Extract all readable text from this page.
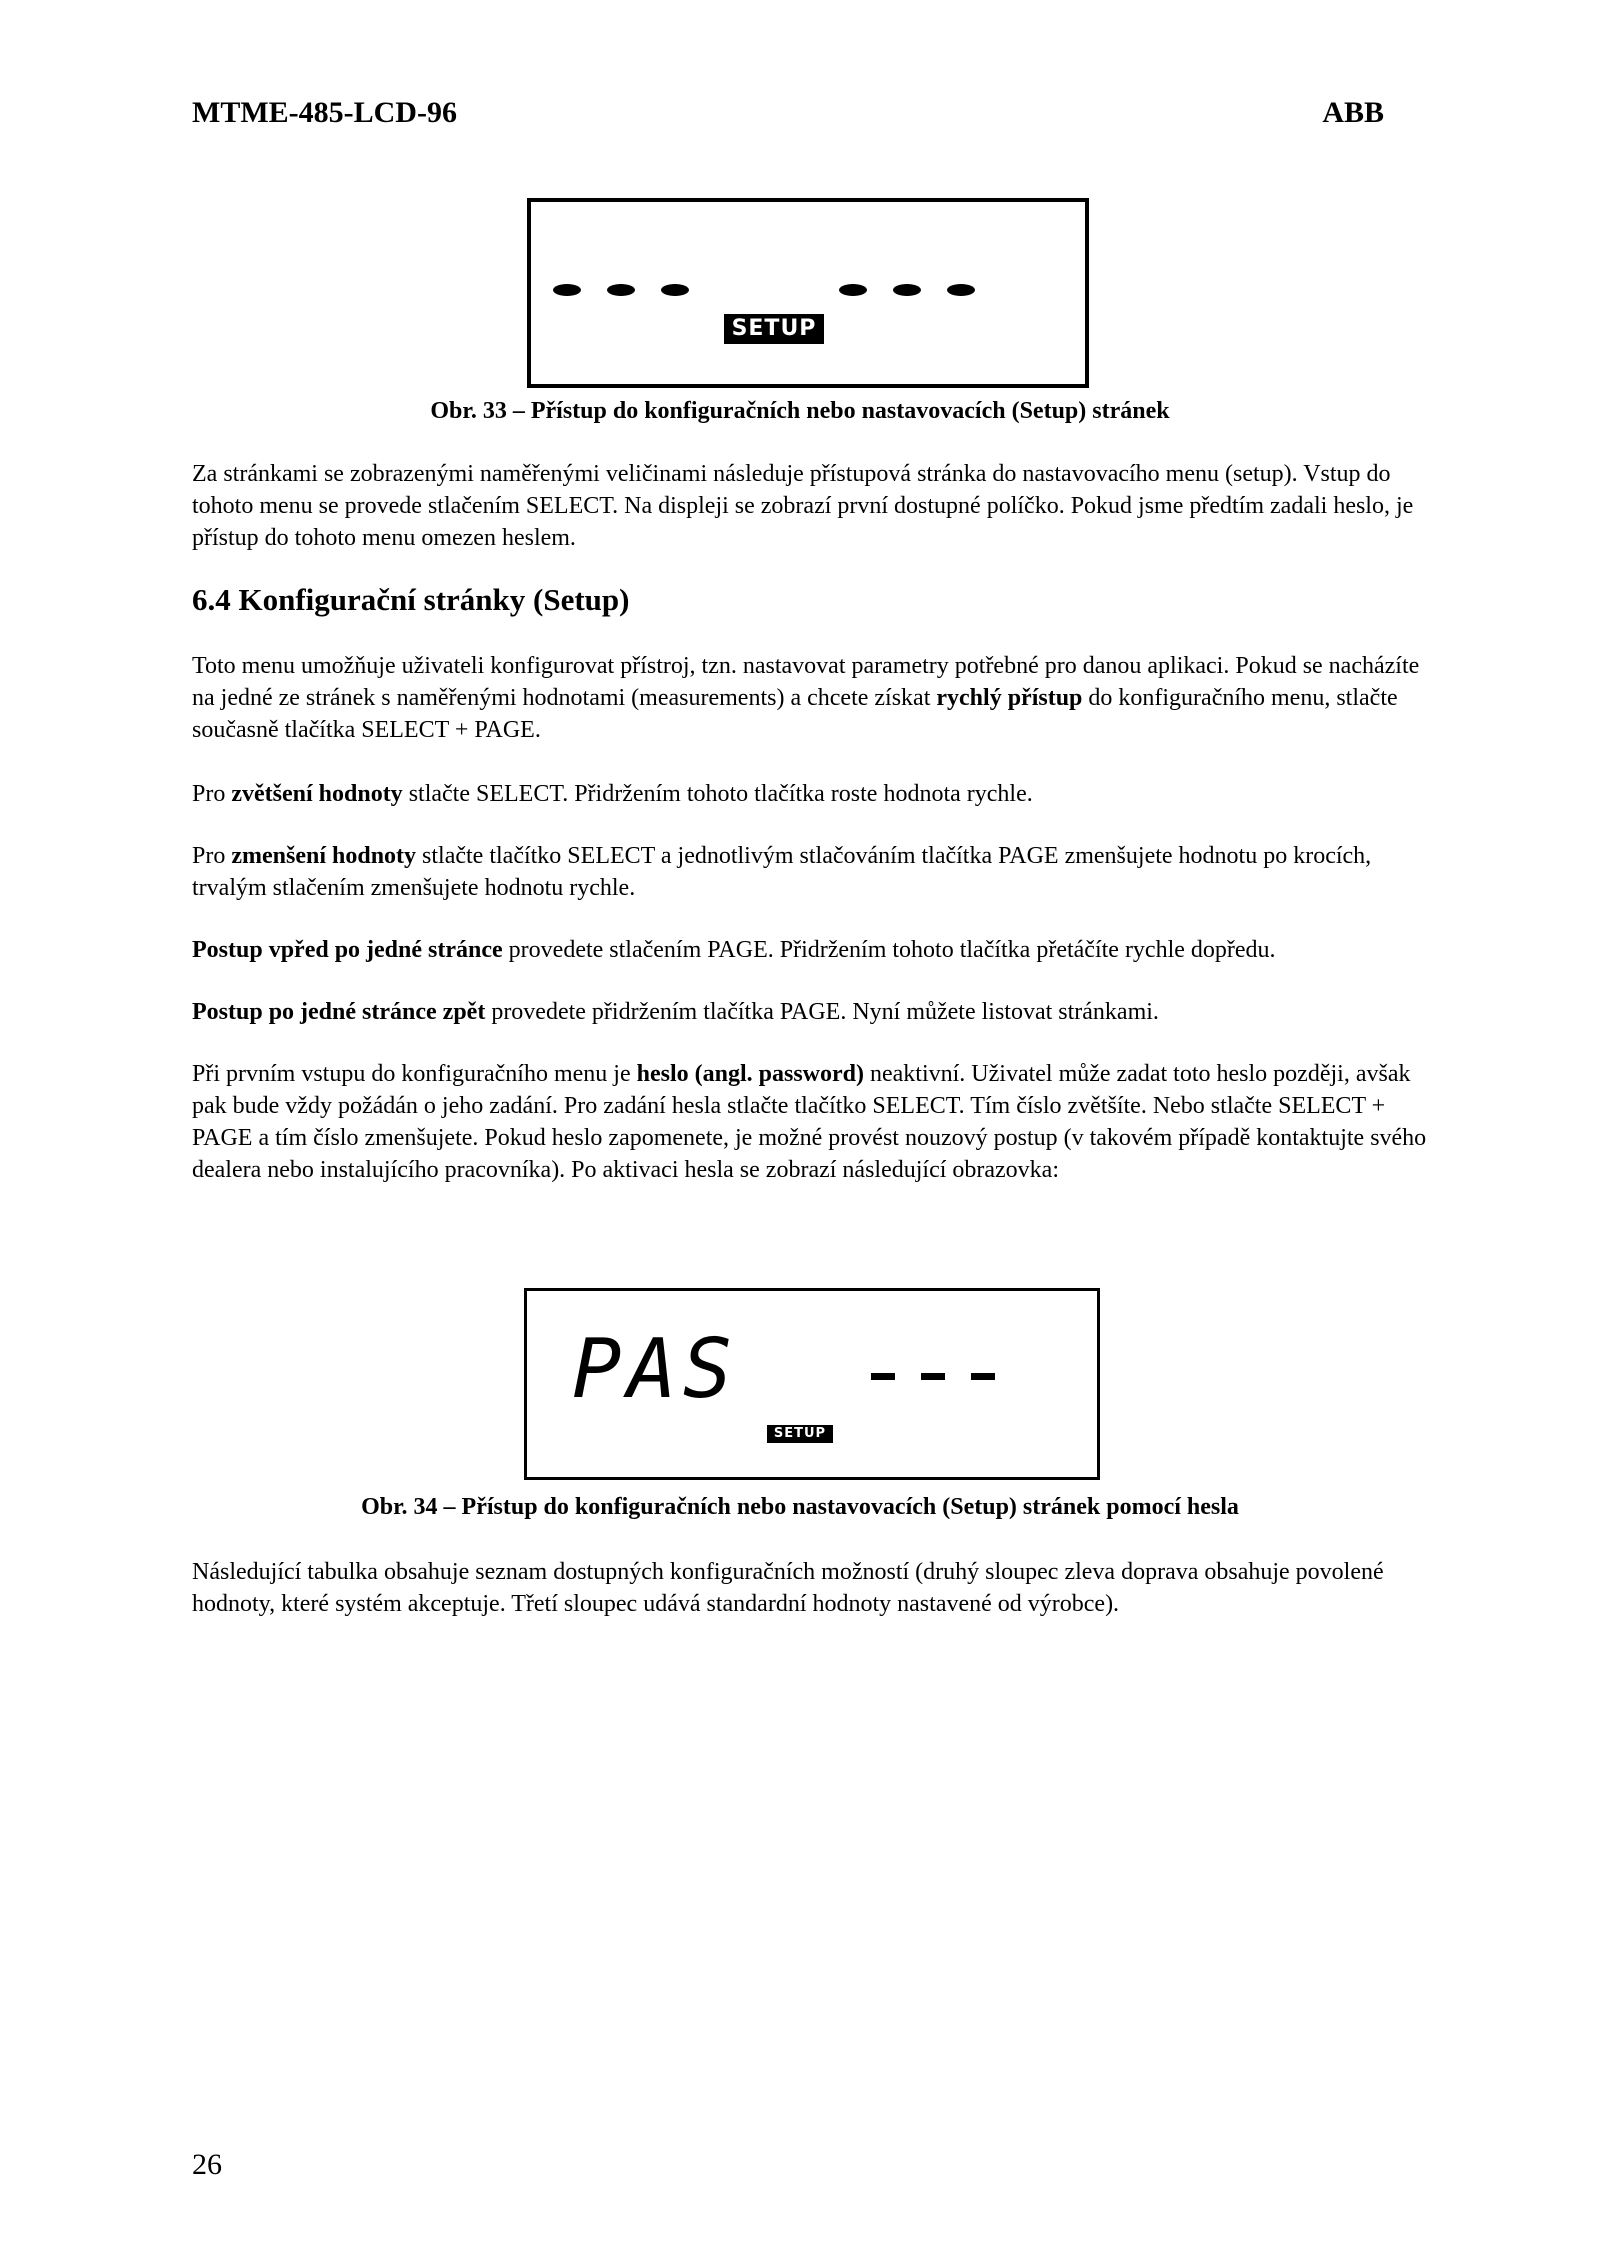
MTME-485-LCD-96	ABB
SETUP
Obr. 33 – Přístup do konfiguračních nebo nastavovacích (Setup) stránek

Za stránkami se zobrazenými naměřenými veličinami následuje přístupová stránka do nastavovacího menu (setup). Vstup do tohoto menu se provede stlačením SELECT. Na displeji se zobrazí první dostupné políčko. Pokud jsme předtím zadali heslo, je přístup do tohoto menu omezen heslem.

6.4 Konfigurační stránky (Setup)

Toto menu umožňuje uživateli konfigurovat přístroj, tzn. nastavovat parametry potřebné pro danou aplikaci. Pokud se nacházíte na jedné ze stránek s naměřenými hodnotami (measurements) a chcete získat rychlý přístup do konfiguračního menu, stlačte současně tlačítka SELECT + PAGE.

Pro zvětšení hodnoty stlačte SELECT. Přidržením tohoto tlačítka roste hodnota rychle.

Pro zmenšení hodnoty stlačte tlačítko SELECT a jednotlivým stlačováním tlačítka PAGE zmenšujete hodnotu po krocích, trvalým stlačením zmenšujete hodnotu rychle.

Postup vpřed po jedné stránce provedete stlačením PAGE. Přidržením tohoto tlačítka přetáčíte rychle dopředu.

Postup po jedné stránce zpět provedete přidržením tlačítka PAGE. Nyní můžete listovat stránkami.

Při prvním vstupu do konfiguračního menu je heslo (angl. password) neaktivní. Uživatel může zadat toto heslo později, avšak pak bude vždy požádán o jeho zadání. Pro zadání hesla stlačte tlačítko SELECT. Tím číslo zvětšíte. Nebo stlačte SELECT + PAGE a tím číslo zmenšujete. Pokud heslo zapomenete, je možné provést nouzový postup (v takovém případě kontaktujte svého dealera nebo instalujícího pracovníka). Po aktivaci hesla se zobrazí následující obrazovka:

PAS
SETUP
Obr. 34 – Přístup do konfiguračních nebo nastavovacích (Setup) stránek pomocí hesla

Následující tabulka obsahuje seznam dostupných konfiguračních možností (druhý sloupec zleva doprava obsahuje povolené hodnoty, které systém akceptuje. Třetí sloupec udává standardní hodnoty nastavené od výrobce).

26
